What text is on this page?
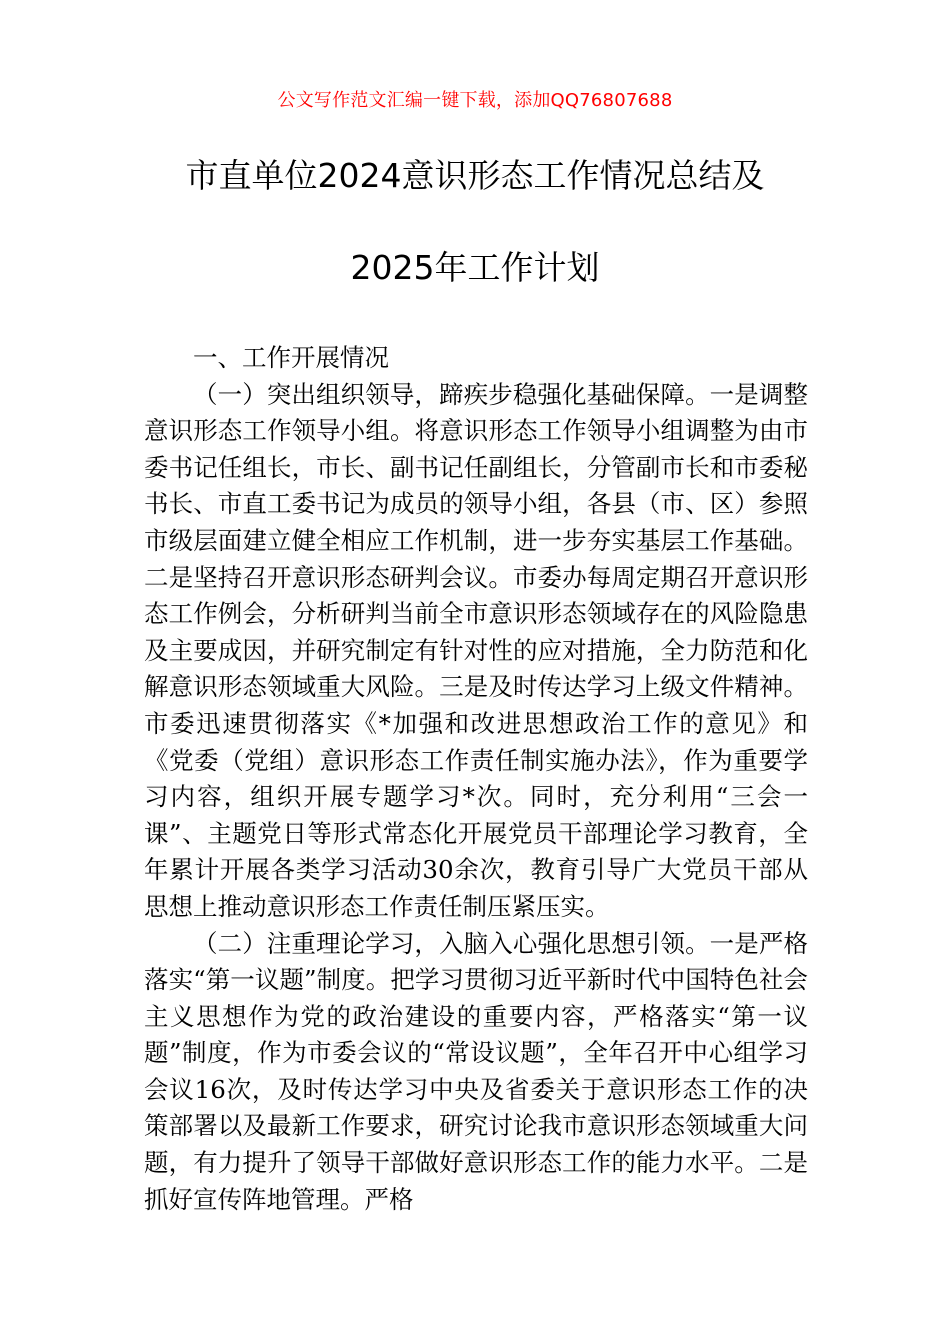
公文写作范文汇编一键下载，添加QQ76807688
市直单位2024意识形态工作情况总结及
2025年工作计划

一、工作开展情况

（一）突出组织领导，蹄疾步稳强化基础保障。一是调整意识形态工作领导小组。将意识形态工作领导小组调整为由市委书记任组长，市长、副书记任副组长，分管副市长和市委秘书长、市直工委书记为成员的领导小组，各县（市、区）参照市级层面建立健全相应工作机制，进一步夯实基层工作基础。二是坚持召开意识形态研判会议。市委办每周定期召开意识形态工作例会，分析研判当前全市意识形态领域存在的风险隐患及主要成因，并研究制定有针对性的应对措施，全力防范和化解意识形态领域重大风险。三是及时传达学习上级文件精神。市委迅速贯彻落实《*加强和改进思想政治工作的意见》和《党委（党组）意识形态工作责任制实施办法》，作为重要学习内容，组织开展专题学习*次。同时，充分利用“三会一课”、主题党日等形式常态化开展党员干部理论学习教育，全年累计开展各类学习活动30余次，教育引导广大党员干部从思想上推动意识形态工作责任制压紧压实。

（二）注重理论学习，入脑入心强化思想引领。一是严格落实“第一议题”制度。把学习贯彻习近平新时代中国特色社会主义思想作为党的政治建设的重要内容，严格落实“第一议题”制度，作为市委会议的“常设议题”，全年召开中心组学习会议16次，及时传达学习中央及省委关于意识形态工作的决策部署以及最新工作要求，研究讨论我市意识形态领域重大问题，有力提升了领导干部做好意识形态工作的能力水平。二是抓好宣传阵地管理。严格
